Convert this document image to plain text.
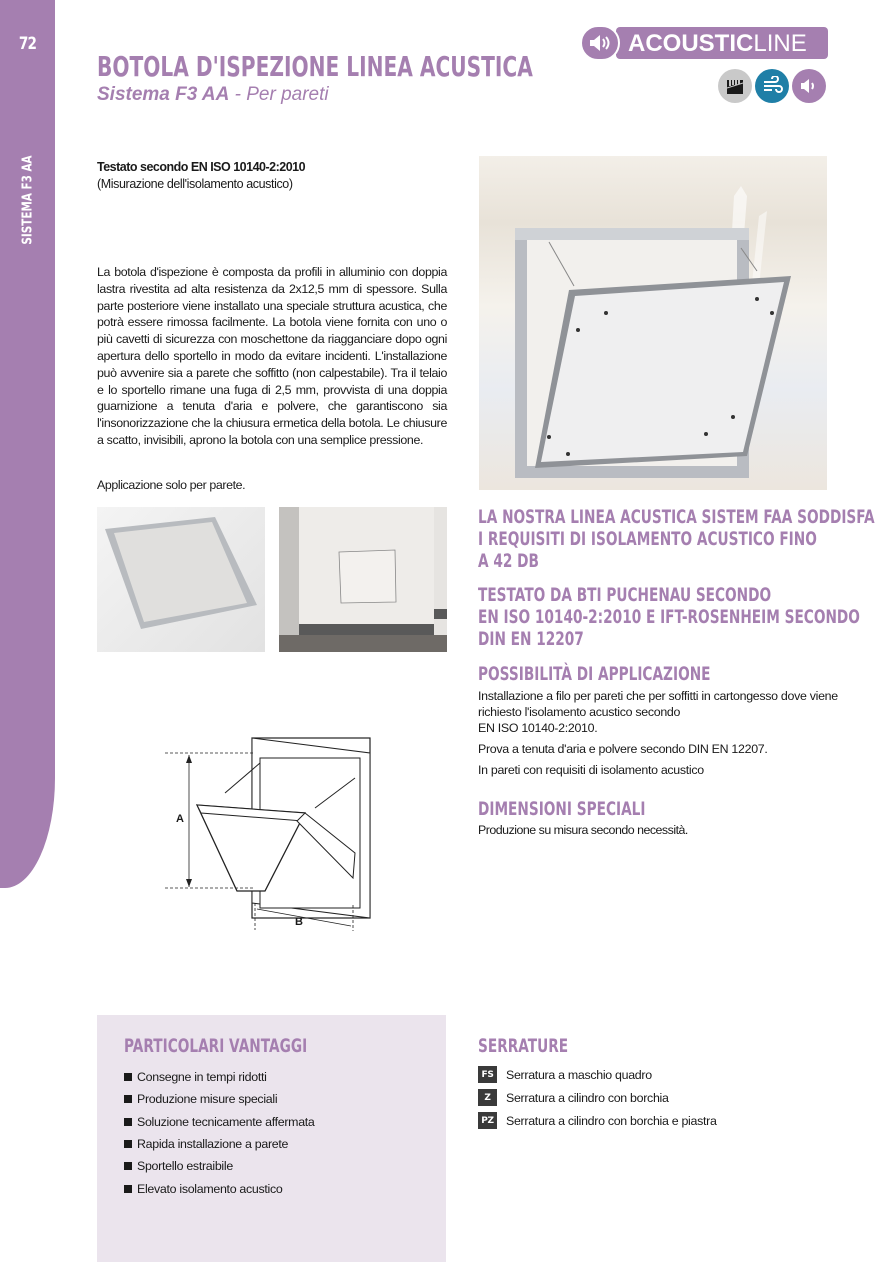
72
SISTEMA F3 AA
BOTOLA D'ISPEZIONE LINEA ACUSTICA
Sistema F3 AA - Per pareti
ACOUSTICLINE
Testato secondo EN ISO 10140-2:2010
(Misurazione dell'isolamento acustico)

La botola d'ispezione è composta da profili in alluminio con doppia lastra rivestita ad alta resistenza da 2x12,5 mm di spessore. Sulla parte posteriore viene installato una speciale struttura acustica, che potrà essere rimossa facilmente. La botola viene fornita con uno o più cavetti di sicurezza con moschettone da riagganciare dopo ogni apertura dello sportello in modo da evitare incidenti. L'installazione può avvenire sia a parete che soffitto (non calpestabile). Tra il telaio e lo sportello rimane una fuga di 2,5 mm, provvista di una doppia guarnizione a tenuta d'aria e polvere, che garantiscono sia l'insonorizzazione che la chiusura ermetica della botola. Le chiusure a scatto, invisibili, aprono la botola con una semplice pressione.

Applicazione solo per parete.
A
B
LA NOSTRA LINEA ACUSTICA SISTEM FAA SODDISFA
I REQUISITI DI ISOLAMENTO ACUSTICO FINO
A 42 DB
TESTATO DA BTI PUCHENAU SECONDO
EN ISO 10140-2:2010 E IFT-ROSENHEIM SECONDO
DIN EN 12207
POSSIBILITÀ DI APPLICAZIONE

Installazione a filo per pareti che per soffitti in cartongesso dove viene richiesto l'isolamento acustico secondo

EN ISO 10140-2:2010.

Prova a tenuta d'aria e polvere secondo DIN EN 12207.

In pareti con requisiti di isolamento acustico

DIMENSIONI SPECIALI
Produzione su misura secondo necessità.
PARTICOLARI VANTAGGI
Consegne in tempi ridotti
Produzione misure speciali
Soluzione tecnicamente affermata
Rapida installazione a parete
Sportello estraibile
Elevato isolamento acustico
SERRATURE
FS Serratura a maschio quadro
Z	Serratura a cilindro con borchia
PZ Serratura a cilindro con borchia e piastra
